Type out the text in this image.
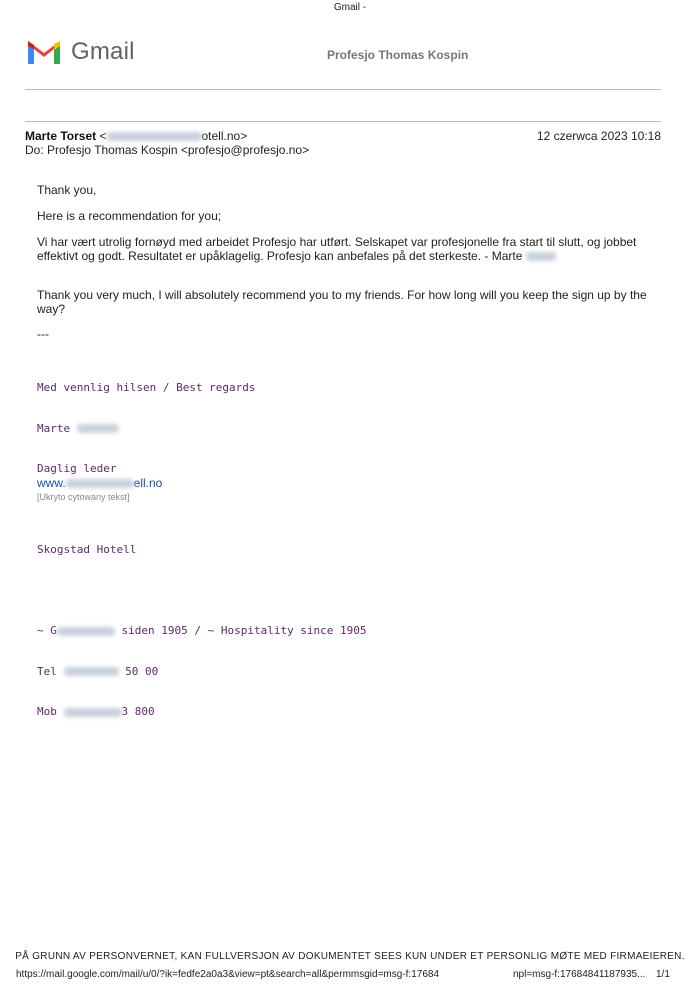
Gmail -
Gmail	Profesjo Thomas Kospin
Marte Torset <	otell.no>	12 czerwca 2023 10:18
Do: Profesjo Thomas Kospin <profesjo@profesjo.no>

Thank you,

Here is a recommendation for you;

Vi har vært utrolig fornøyd med arbeidet Profesjo har utført. Selskapet var profesjonelle fra start til slutt, og jobbet effektivt og godt. Resultatet er upåklagelig. Profesjo kan anbefales på det sterkeste. - Marte

Thank you very much, I will absolutely recommend you to my friends. For how long will you keep the sign up by the way?

---

Med vennlig hilsen / Best regards

Marte

Daglig leder

Skogstad Hotell

~ G	siden 1905 / ~ Hospitality since 1905

Tel	50 00

Mob	3 800

www.	ell.no
[Ukryto cytowany tekst]
PÅ GRUNN AV PERSONVERNET, KAN FULLVERSJON AV DOKUMENTET SEES KUN UNDER ET PERSONLIG MØTE MED FIRMAEIEREN.
https://mail.google.com/mail/u/0/?ik=fedfe2a0a3&view=pt&search=all&permmsgid=msg-f:17684	npl=msg-f:17684841187935... 1/1
